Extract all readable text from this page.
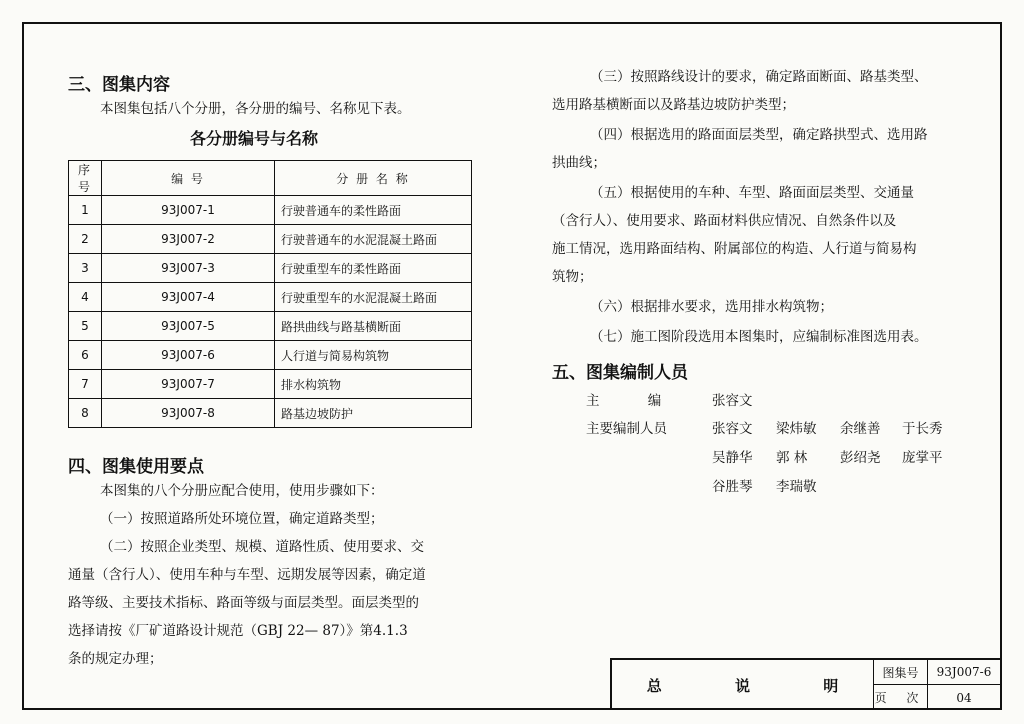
三、图集内容
本图集包括八个分册，各分册的编号、名称见下表。
各分册编号与名称
序号	编 号	分 册 名 称
1	93J007-1	行驶普通车的柔性路面
2	93J007-2	行驶普通车的水泥混凝土路面
3	93J007-3	行驶重型车的柔性路面
4	93J007-4	行驶重型车的水泥混凝土路面
5	93J007-5	路拱曲线与路基横断面
6	93J007-6	人行道与简易构筑物
7	93J007-7	排水构筑物
8	93J007-8	路基边坡防护
四、图集使用要点
本图集的八个分册应配合使用，使用步骤如下：
（一）按照道路所处环境位置，确定道路类型；
（二）按照企业类型、规模、道路性质、使用要求、交
通量（含行人）、使用车种与车型、远期发展等因素，确定道
路等级、主要技术指标、路面等级与面层类型。面层类型的
选择请按《厂矿道路设计规范（GBJ 22— 87）》第4.1.3
条的规定办理；
（三）按照路线设计的要求，确定路面断面、路基类型、
选用路基横断面以及路基边坡防护类型；
（四）根据选用的路面面层类型，确定路拱型式、选用路
拱曲线；
（五）根据使用的车种、车型、路面面层类型、交通量
（含行人）、使用要求、路面材料供应情况、自然条件以及
施工情况，选用路面结构、附属部位的构造、人行道与简易构
筑物；
（六）根据排水要求，选用排水构筑物；
（七）施工图阶段选用本图集时，应编制标准图选用表。
五、图集编制人员
主 编 张容文
主要编制人员	张容文 梁炜敏 余继善 于长秀
吴静华 郭 林 彭绍尧 庞掌平
谷胜琴 李瑞敬
总 说 明
图集号	93J007-6
页 次	04
